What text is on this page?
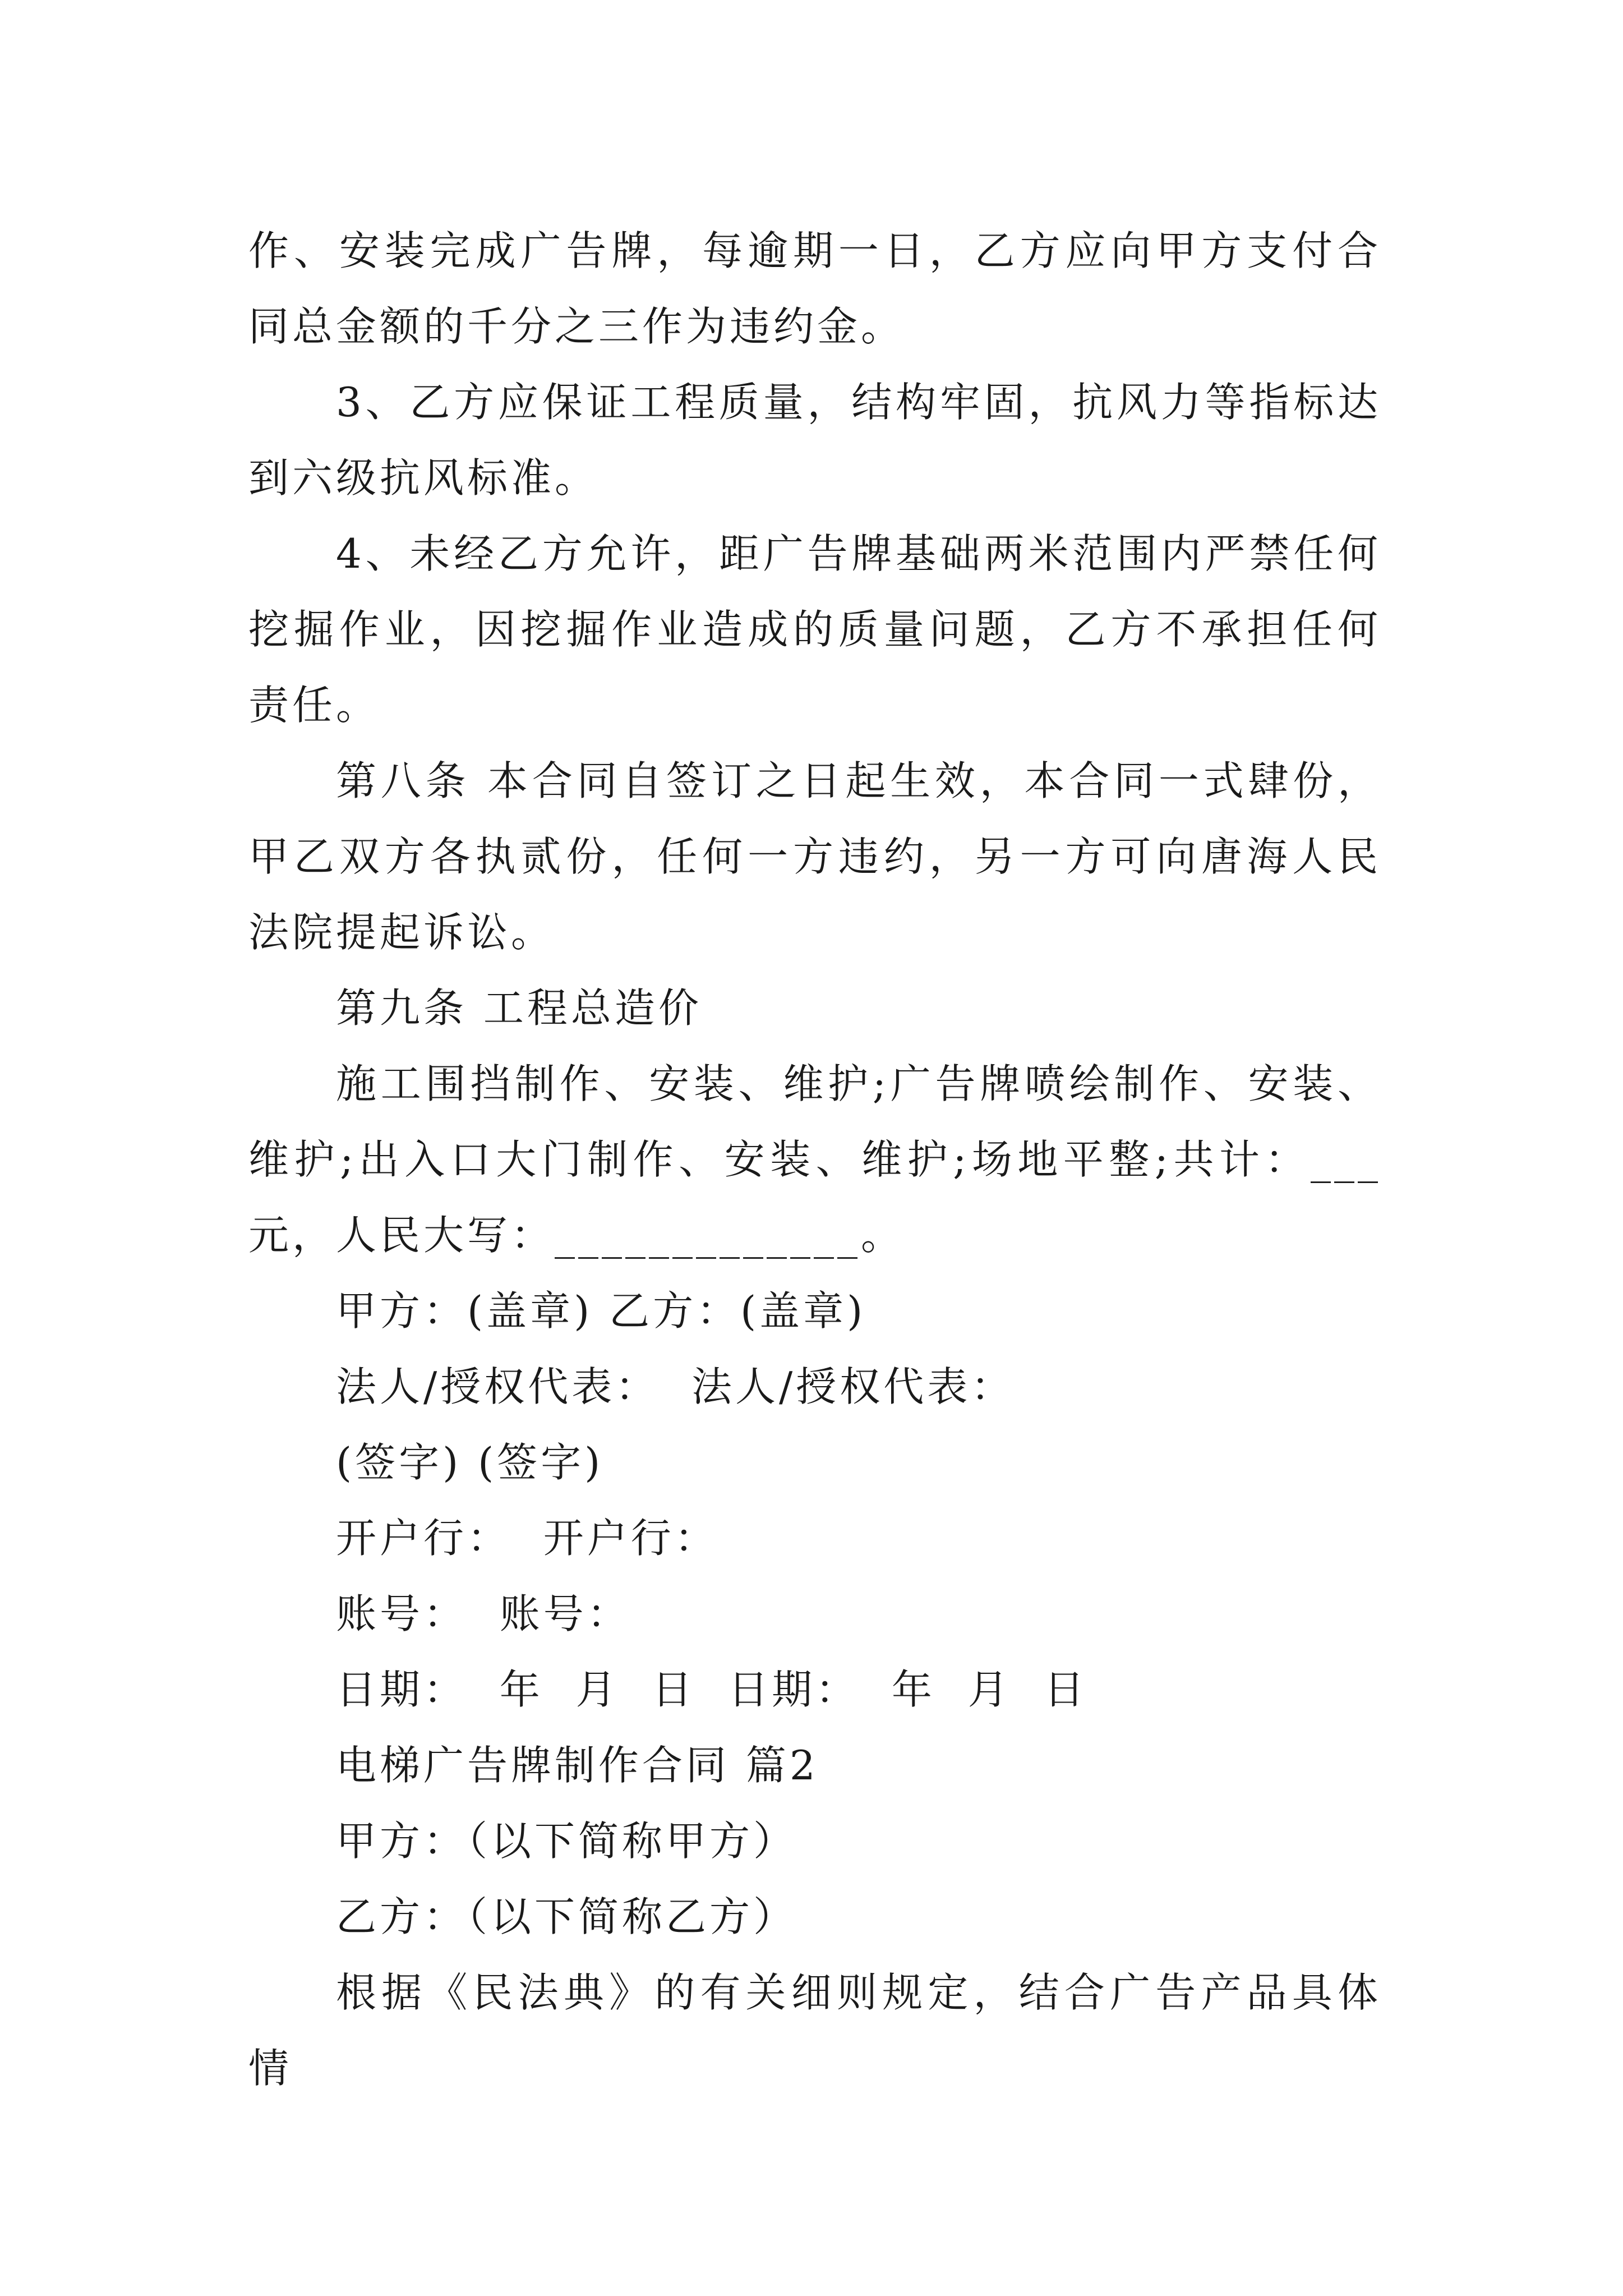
作、安装完成广告牌，每逾期一日，乙方应向甲方支付合同总金额的千分之三作为违约金。

3、乙方应保证工程质量，结构牢固，抗风力等指标达到六级抗风标准。

4、未经乙方允许，距广告牌基础两米范围内严禁任何挖掘作业，因挖掘作业造成的质量问题，乙方不承担任何责任。

第八条 本合同自签订之日起生效，本合同一式肆份，甲乙双方各执贰份，任何一方违约，另一方可向唐海人民法院提起诉讼。

第九条 工程总造价

施工围挡制作、安装、维护;广告牌喷绘制作、安装、维护;出入口大门制作、安装、维护;场地平整;共计：___元，人民大写：_____________。

甲方：(盖章) 乙方：(盖章)

法人/授权代表：  法人/授权代表：

(签字) (签字)

开户行：  开户行：

账号：  账号：

日期：  年  月  日  日期：  年  月  日

电梯广告牌制作合同 篇2

甲方：（以下简称甲方）

乙方：（以下简称乙方）

根据《民法典》的有关细则规定，结合广告产品具体情
